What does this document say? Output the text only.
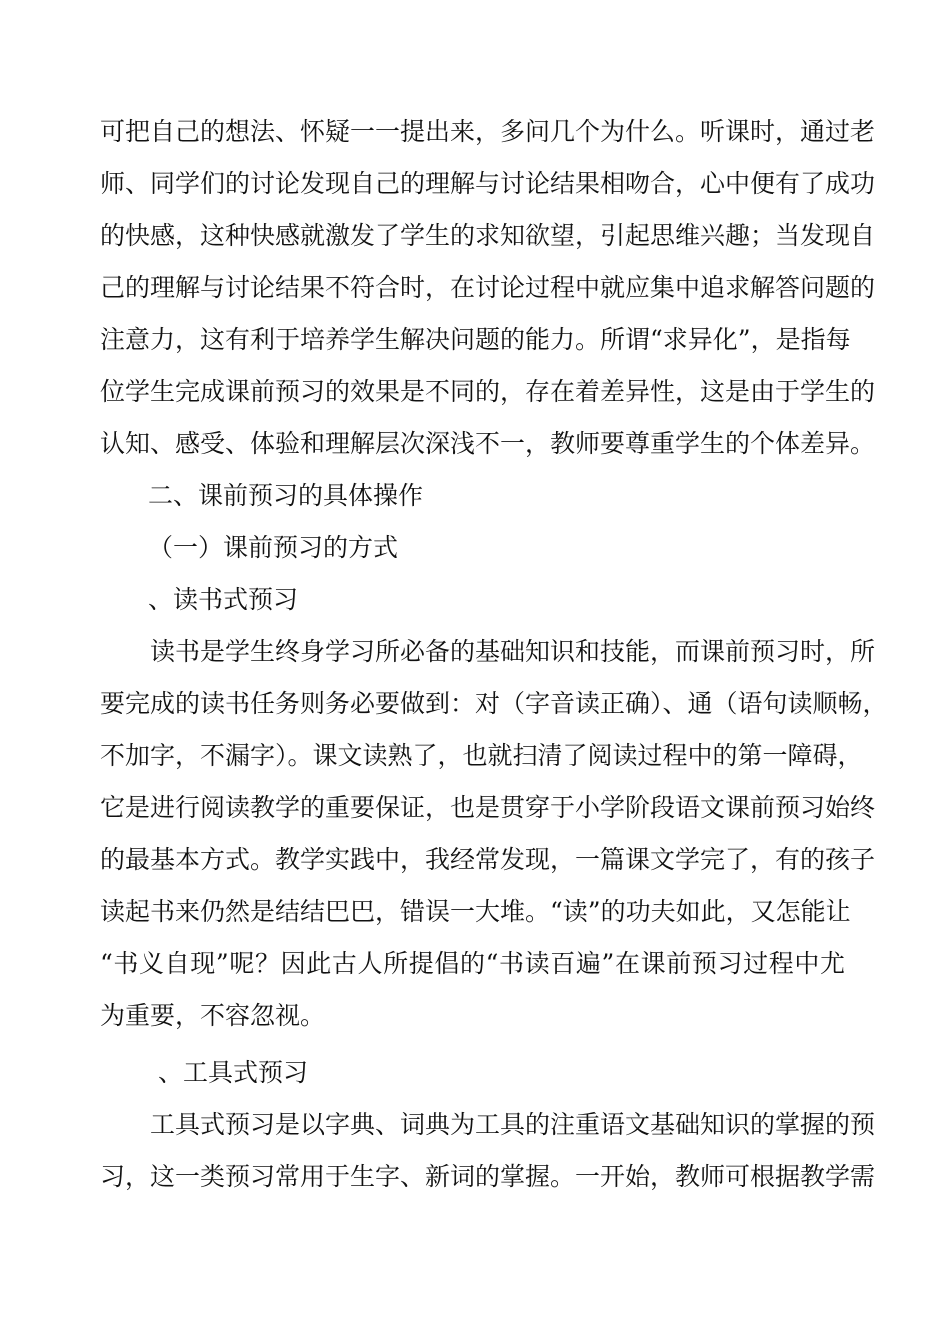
可把自己的想法、怀疑一一提出来，多问几个为什么。听课时，通过老
师、同学们的讨论发现自己的理解与讨论结果相吻合，心中便有了成功
的快感，这种快感就激发了学生的求知欲望，引起思维兴趣；当发现自
己的理解与讨论结果不符合时，在讨论过程中就应集中追求解答问题的
注意力，这有利于培养学生解决问题的能力。所谓“求异化”，是指每
位学生完成课前预习的效果是不同的，存在着差异性，这是由于学生的
认知、感受、体验和理解层次深浅不一，教师要尊重学生的个体差异。
二、课前预习的具体操作
（一）课前预习的方式
、读书式预习
读书是学生终身学习所必备的基础知识和技能，而课前预习时，所
要完成的读书任务则务必要做到：对（字音读正确）、通（语句读顺畅，
不加字，不漏字）。课文读熟了，也就扫清了阅读过程中的第一障碍，
它是进行阅读教学的重要保证，也是贯穿于小学阶段语文课前预习始终
的最基本方式。教学实践中，我经常发现，一篇课文学完了，有的孩子
读起书来仍然是结结巴巴，错误一大堆。“读”的功夫如此，又怎能让
“书义自现”呢？因此古人所提倡的“书读百遍”在课前预习过程中尤
为重要，不容忽视。
、工具式预习
工具式预习是以字典、词典为工具的注重语文基础知识的掌握的预
习，这一类预习常用于生字、新词的掌握。一开始，教师可根据教学需
